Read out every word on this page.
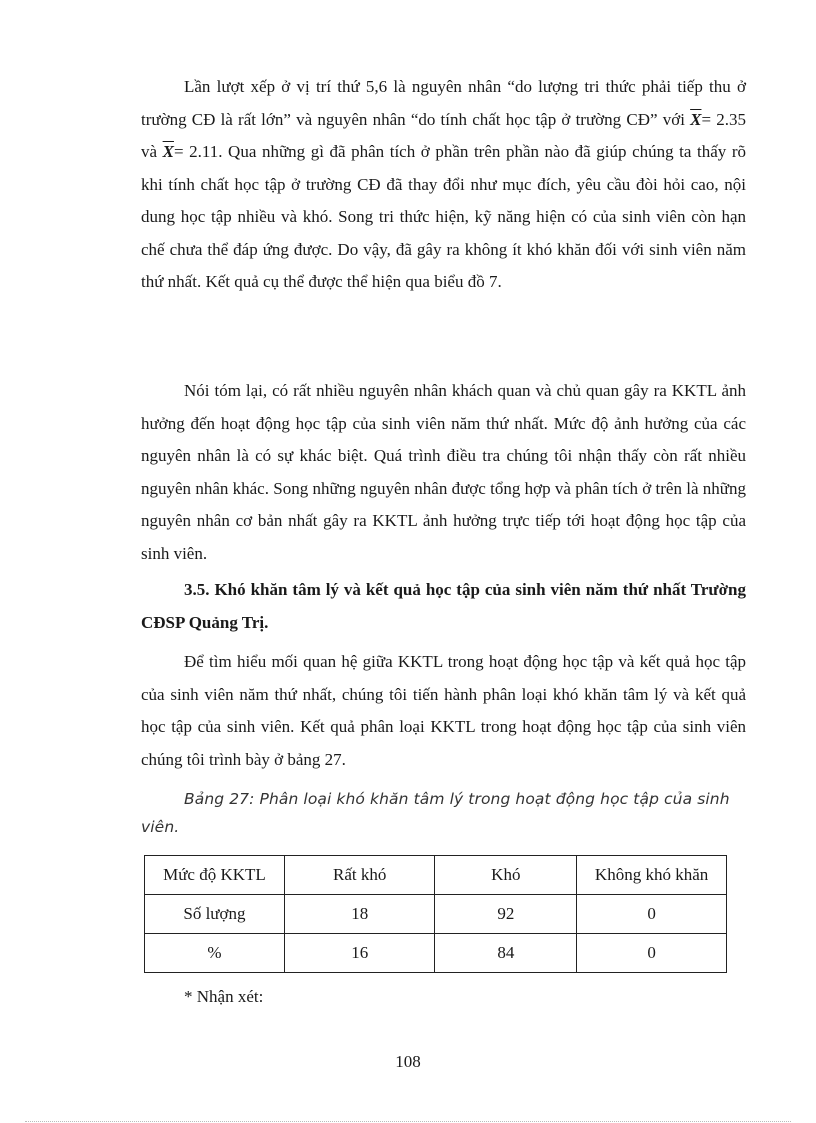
Lần lượt xếp ở vị trí thứ 5,6 là nguyên nhân “do lượng tri thức phải tiếp thu ở trường CĐ là rất lớn” và nguyên nhân “do tính chất học tập ở trường CĐ” với $\overline{X}= 2.35$ và $\overline{X}= 2.11$. Qua những gì đã phân tích ở phần trên phần nào đã giúp chúng ta thấy rõ khi tính chất học tập ở trường CĐ đã thay đổi như mục đích, yêu cầu đòi hỏi cao, nội dung học tập nhiều và khó. Song tri thức hiện, kỹ năng hiện có của sinh viên còn hạn chế chưa thể đáp ứng được. Do vậy, đã gây ra không ít khó khăn đối với sinh viên năm thứ nhất. Kết quả cụ thể được thể hiện qua biểu đồ 7.

Nói tóm lại, có rất nhiều nguyên nhân khách quan và chủ quan gây ra KKTL ảnh hưởng đến hoạt động học tập của sinh viên năm thứ nhất. Mức độ ảnh hưởng của các nguyên nhân là có sự khác biệt. Quá trình điều tra chúng tôi nhận thấy còn rất nhiều nguyên nhân khác. Song những nguyên nhân được tổng hợp và phân tích ở trên là những nguyên nhân cơ bản nhất gây ra KKTL ảnh hưởng trực tiếp tới hoạt động học tập của sinh viên.

3.5. Khó khăn tâm lý và kết quả học tập của sinh viên năm thứ nhất Trường CĐSP Quảng Trị.

Để tìm hiểu mối quan hệ giữa KKTL trong hoạt động học tập và kết quả học tập của sinh viên năm thứ nhất, chúng tôi tiến hành phân loại khó khăn tâm lý và kết quả học tập của sinh viên. Kết quả phân loại KKTL trong hoạt động học tập của sinh viên chúng tôi trình bày ở bảng 27.

Bảng 27: Phân loại khó khăn tâm lý trong hoạt động học tập của sinh viên.

Mức độ KKTL	Rất khó	Khó	Không khó khăn
Số lượng	18	92	0
%	16	84	0
* Nhận xét:
108
